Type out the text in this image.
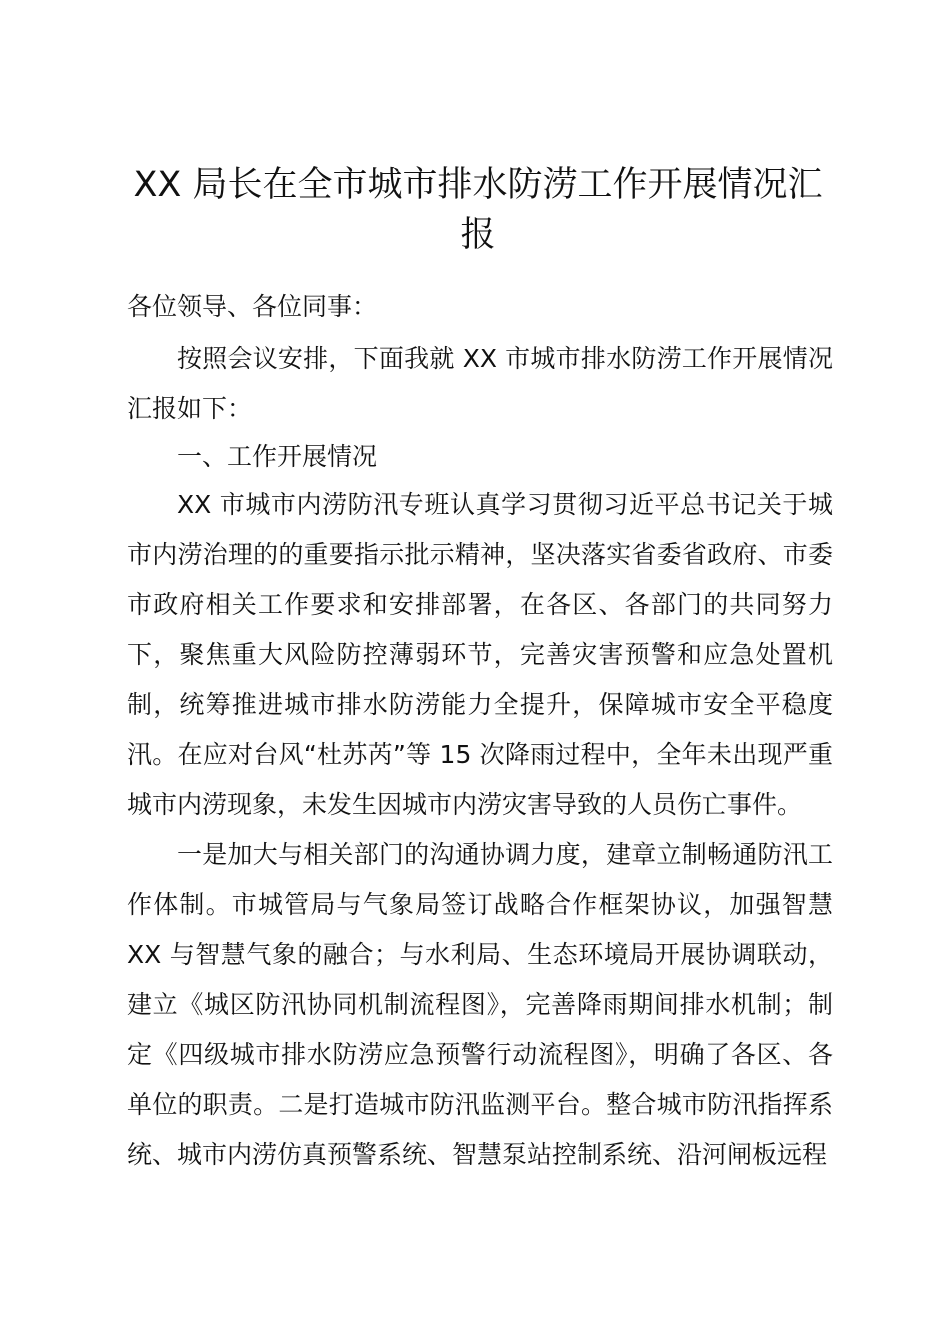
XX 局长在全市城市排水防涝工作开展情况汇报
各位领导、各位同事：

按照会议安排，下面我就 XX 市城市排水防涝工作开展情况汇报如下：

一、工作开展情况

XX 市城市内涝防汛专班认真学习贯彻习近平总书记关于城市内涝治理的的重要指示批示精神，坚决落实省委省政府、市委市政府相关工作要求和安排部署，在各区、各部门的共同努力下，聚焦重大风险防控薄弱环节，完善灾害预警和应急处置机制，统筹推进城市排水防涝能力全提升，保障城市安全平稳度汛。在应对台风“杜苏芮”等 15 次降雨过程中，全年未出现严重城市内涝现象，未发生因城市内涝灾害导致的人员伤亡事件。

一是加大与相关部门的沟通协调力度，建章立制畅通防汛工作体制。市城管局与气象局签订战略合作框架协议，加强智慧XX 与智慧气象的融合；与水利局、生态环境局开展协调联动，建立《城区防汛协同机制流程图》，完善降雨期间排水机制；制定《四级城市排水防涝应急预警行动流程图》，明确了各区、各单位的职责。二是打造城市防汛监测平台。整合城市防汛指挥系统、城市内涝仿真预警系统、智慧泵站控制系统、沿河闸板远程
